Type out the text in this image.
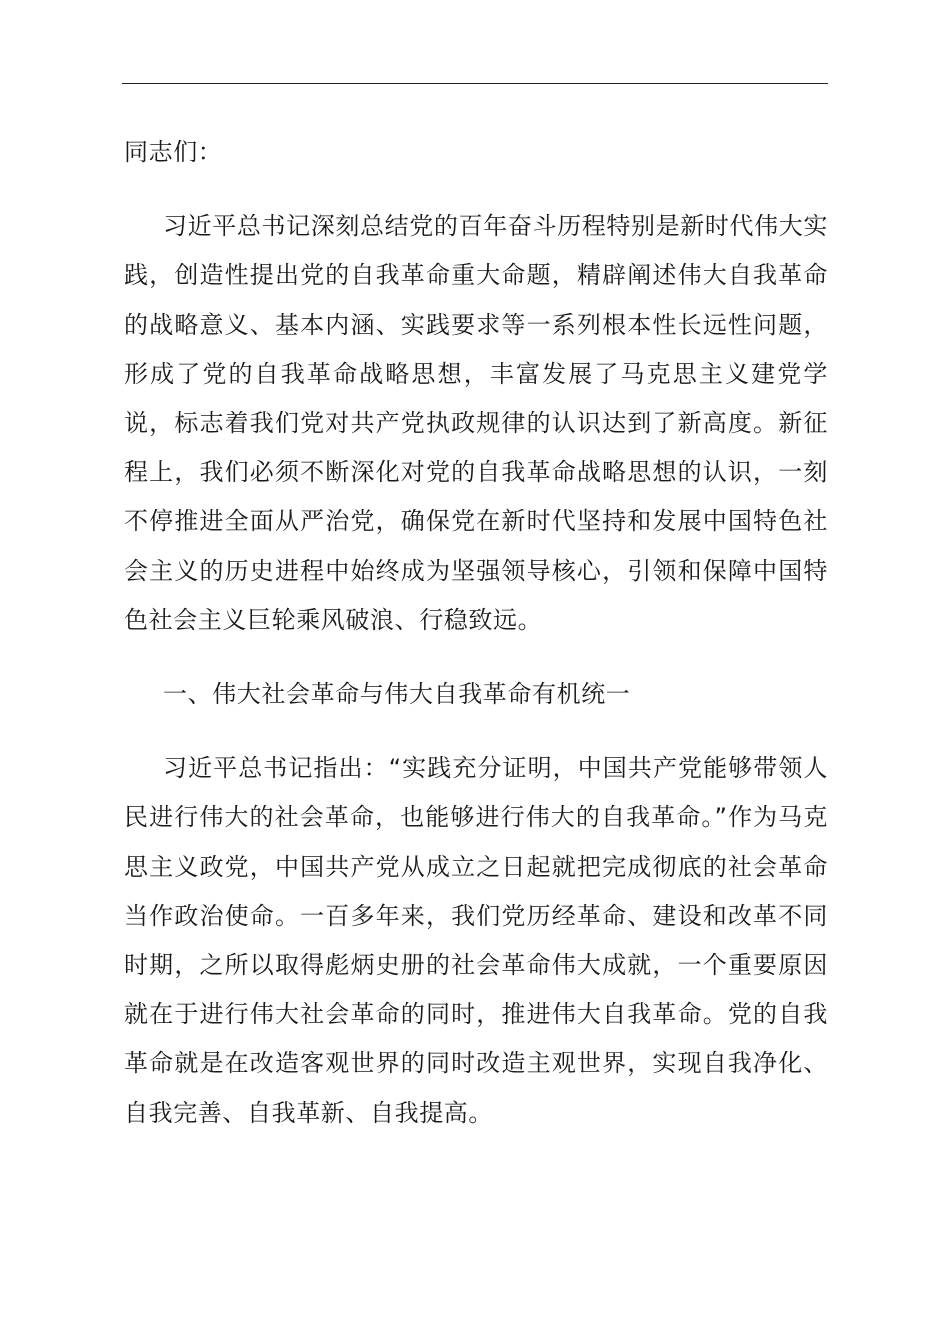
同志们：

习近平总书记深刻总结党的百年奋斗历程特别是新时代伟大实践，创造性提出党的自我革命重大命题，精辟阐述伟大自我革命的战略意义、基本内涵、实践要求等一系列根本性长远性问题，形成了党的自我革命战略思想，丰富发展了马克思主义建党学说，标志着我们党对共产党执政规律的认识达到了新高度。新征程上，我们必须不断深化对党的自我革命战略思想的认识，一刻不停推进全面从严治党，确保党在新时代坚持和发展中国特色社会主义的历史进程中始终成为坚强领导核心，引领和保障中国特色社会主义巨轮乘风破浪、行稳致远。

一、伟大社会革命与伟大自我革命有机统一

习近平总书记指出：“实践充分证明，中国共产党能够带领人民进行伟大的社会革命，也能够进行伟大的自我革命。”作为马克思主义政党，中国共产党从成立之日起就把完成彻底的社会革命当作政治使命。一百多年来，我们党历经革命、建设和改革不同时期，之所以取得彪炳史册的社会革命伟大成就，一个重要原因就在于进行伟大社会革命的同时，推进伟大自我革命。党的自我革命就是在改造客观世界的同时改造主观世界，实现自我净化、自我完善、自我革新、自我提高。
